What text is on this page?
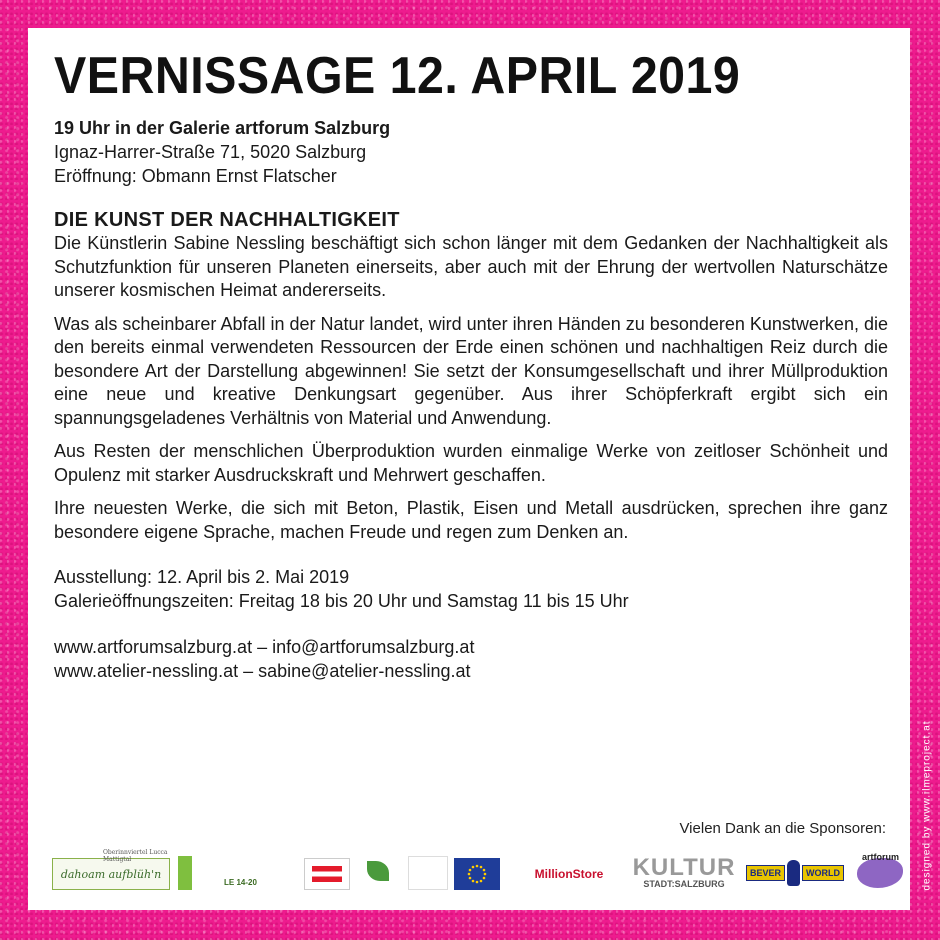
VERNISSAGE 12. APRIL 2019
19 Uhr in der Galerie artforum Salzburg
Ignaz-Harrer-Straße 71, 5020 Salzburg
Eröffnung: Obmann Ernst Flatscher
DIE KUNST DER NACHHALTIGKEIT

Die Künstlerin Sabine Nessling beschäftigt sich schon länger mit dem Gedanken der Nachhaltigkeit als Schutzfunktion für unseren Planeten einerseits, aber auch mit der Ehrung der wertvollen Naturschätze unserer kosmischen Heimat andererseits.

Was als scheinbarer Abfall in der Natur landet, wird unter ihren Händen zu besonderen Kunstwerken, die den bereits einmal verwendeten Ressourcen der Erde einen schönen und nachhaltigen Reiz durch die besondere Art der Darstellung abgewinnen! Sie setzt der Konsumgesellschaft und ihrer Müllproduktion eine neue und kreative Denkungsart gegenüber. Aus ihrer Schöpferkraft ergibt sich ein spannungsgeladenes Verhältnis von Material und Anwendung.

Aus Resten der menschlichen Überproduktion wurden einmalige Werke von zeitloser Schönheit und Opulenz mit starker Ausdruckskraft und Mehrwert geschaffen.

Ihre neuesten Werke, die sich mit Beton, Plastik, Eisen und Metall ausdrücken, sprechen ihre ganz besondere eigene Sprache, machen Freude und regen zum Denken an.

Ausstellung: 12. April bis 2. Mai 2019
Galerieöffnungszeiten: Freitag 18 bis 20 Uhr und Samstag 11 bis 15 Uhr
www.artforumsalzburg.at – info@artforumsalzburg.at
www.atelier-nessling.at – sabine@atelier-nessling.at
Vielen Dank an die Sponsoren:
Oberinnviertel Lucca Mattigtal
dahoam aufblüh'n
LE 14-20
MillionStore	KULTUR
STADT:SALZBURG
BEVER	WORLD
artforum designed by www.ilmeproject.at
